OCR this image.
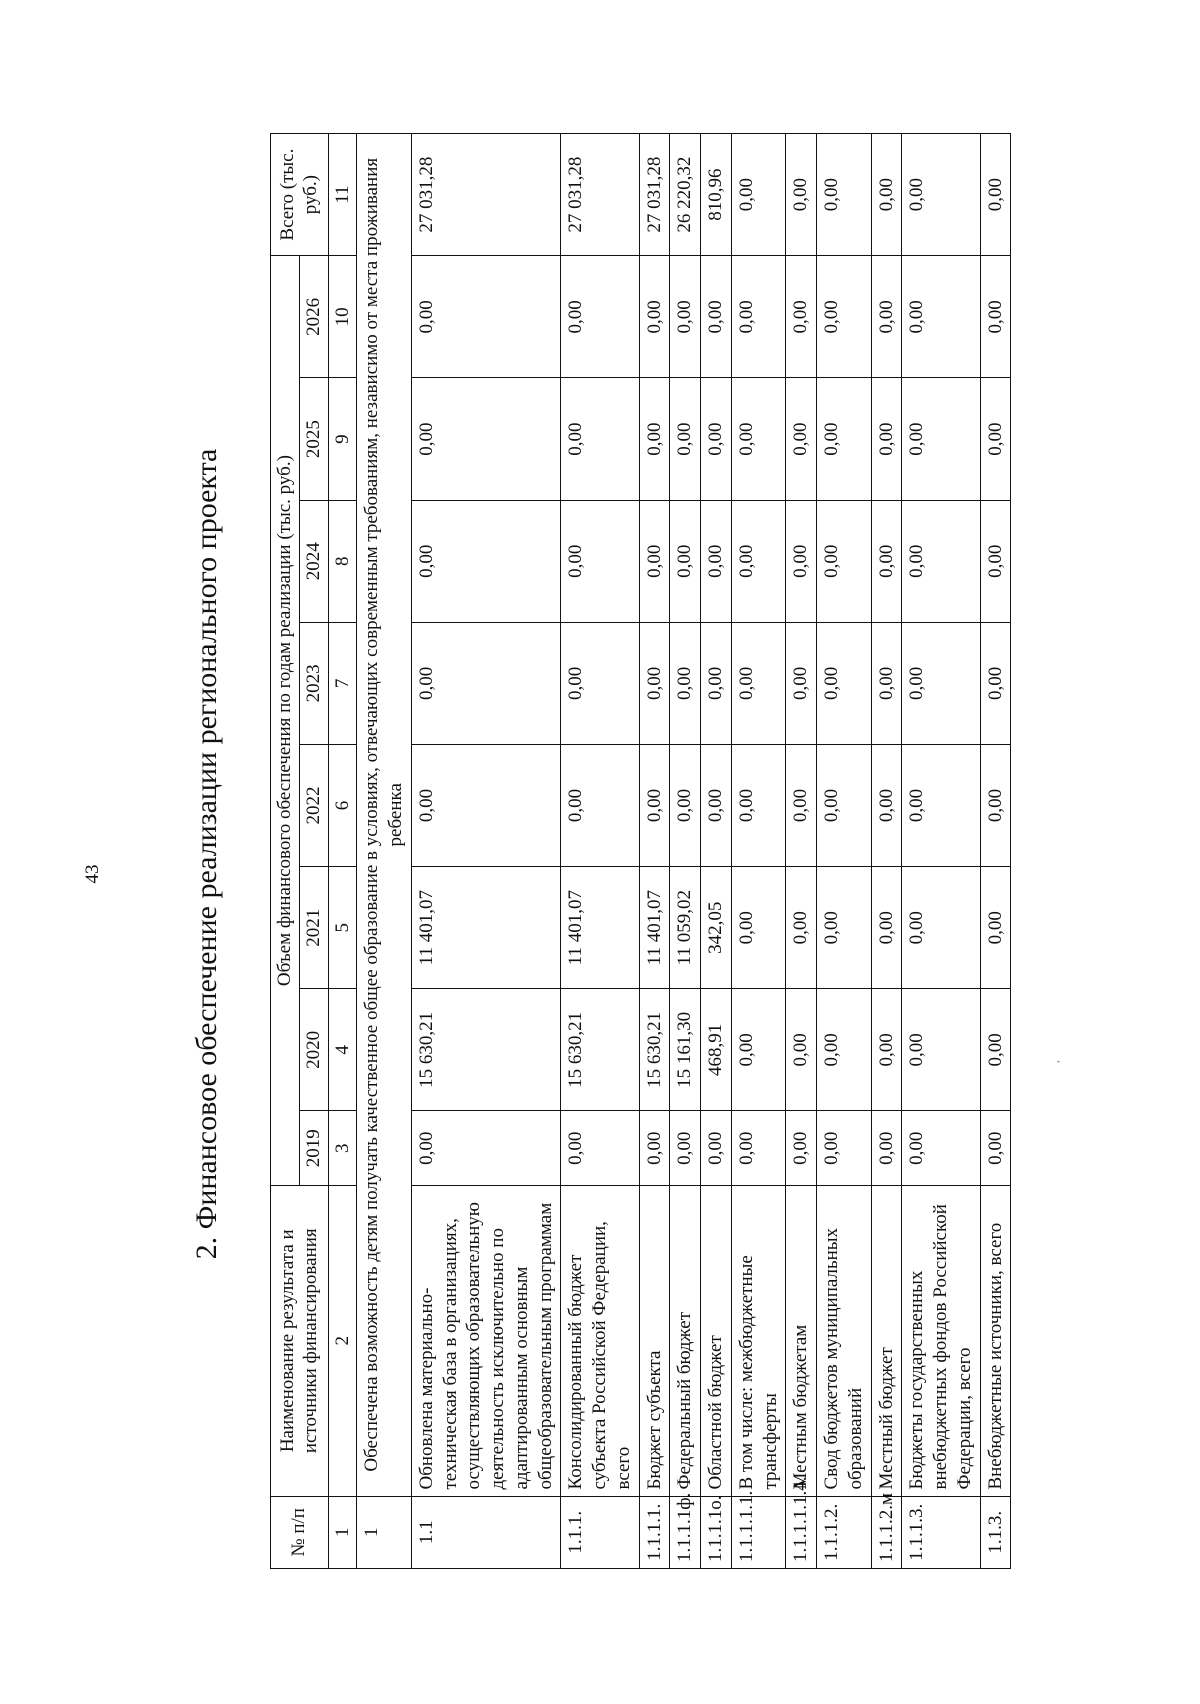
43	2. Финансовое обеспечение реализации регионального проекта
№ п/п	Наименование результата и источники финансирования	Объем финансового обеспечения по годам реализации (тыс. руб.)								Всего (тыс. руб.)
		2019	2020	2021	2022	2023	2024	2025	2026	
1	2	3	4	5	6	7	8	9	10	11
1	Обеспечена возможность детям получать качественное общее образование в условиях, отвечающих современным требованиям, независимо от места проживания ребенка									
1.1	Обновлена материально-техническая база в организациях, осуществляющих образовательную деятельность исключительно по адаптированным основным общеобразовательным программам	0,00	15 630,21	11 401,07	0,00	0,00	0,00	0,00	0,00	27 031,28
1.1.1.	Консолидированный бюджет субъекта Российской Федерации, всего	0,00	15 630,21	11 401,07	0,00	0,00	0,00	0,00	0,00	27 031,28
1.1.1.1.	Бюджет субъекта	0,00	15 630,21	11 401,07	0,00	0,00	0,00	0,00	0,00	27 031,28
1.1.1.1ф.	Федеральный бюджет	0,00	15 161,30	11 059,02	0,00	0,00	0,00	0,00	0,00	26 220,32
1.1.1.1о.	Областной бюджет	0,00	468,91	342,05	0,00	0,00	0,00	0,00	0,00	810,96
1.1.1.1.1.	В том числе: межбюджетные трансферты	0,00	0,00	0,00	0,00	0,00	0,00	0,00	0,00	0,00
1.1.1.1.1.4.	Местным бюджетам	0,00	0,00	0,00	0,00	0,00	0,00	0,00	0,00	0,00
1.1.1.2.	Свод бюджетов муниципальных образований	0,00	0,00	0,00	0,00	0,00	0,00	0,00	0,00	0,00
1.1.1.2.м	Местный бюджет	0,00	0,00	0,00	0,00	0,00	0,00	0,00	0,00	0,00
1.1.1.3.	Бюджеты государственных внебюджетных фондов Российской Федерации, всего	0,00	0,00	0,00	0,00	0,00	0,00	0,00	0,00	0,00
1.1.3.	Внебюджетные источники, всего	0,00	0,00	0,00	0,00	0,00	0,00	0,00	0,00	0,00
’
